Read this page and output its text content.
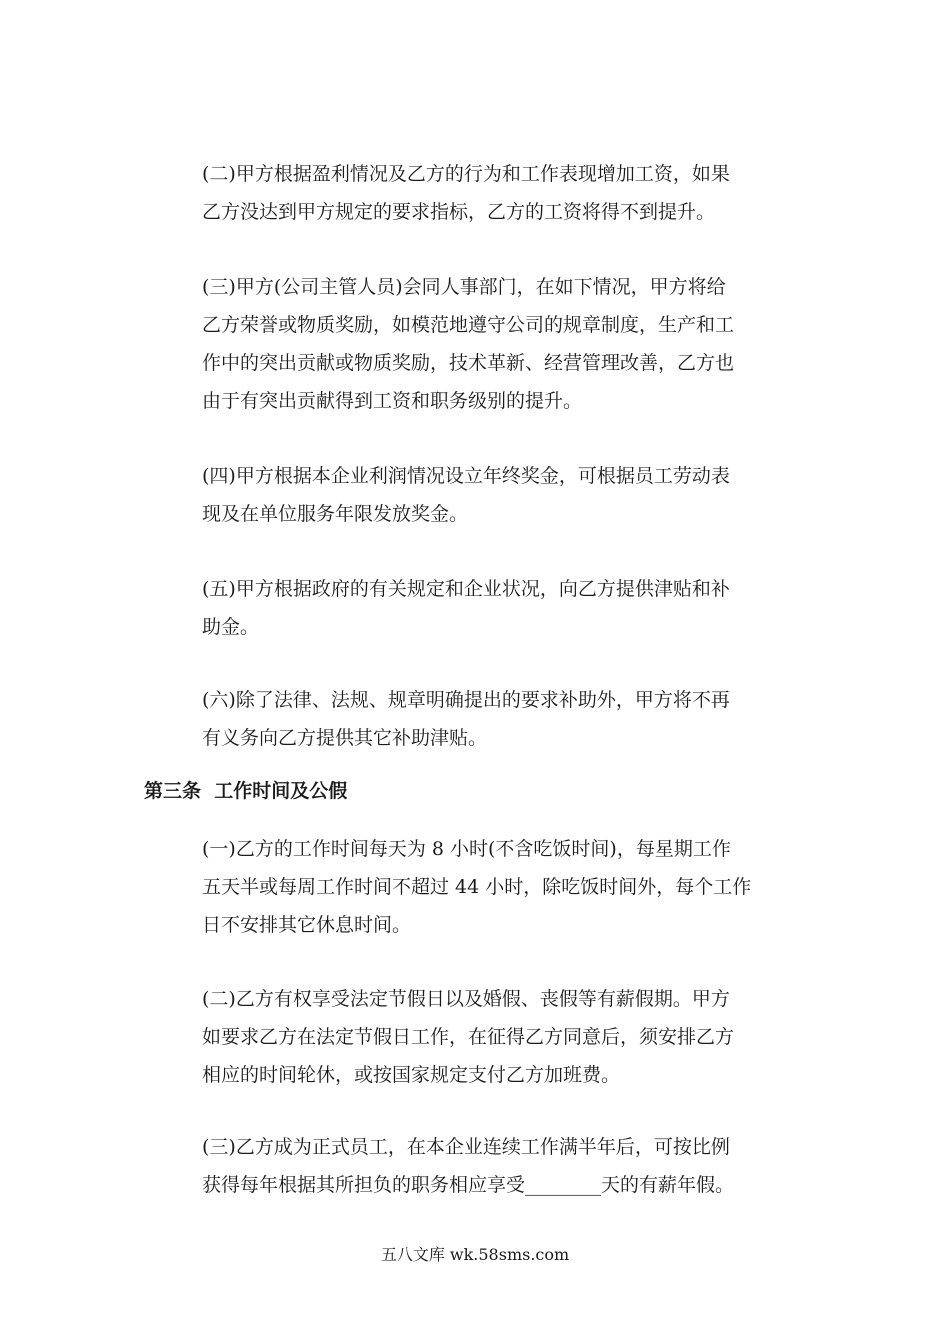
(二)甲方根据盈利情况及乙方的行为和工作表现增加工资，如果
乙方没达到甲方规定的要求指标，乙方的工资将得不到提升。

(三)甲方(公司主管人员)会同人事部门，在如下情况，甲方将给
乙方荣誉或物质奖励，如模范地遵守公司的规章制度，生产和工
作中的突出贡献或物质奖励，技术革新、经营管理改善，乙方也
由于有突出贡献得到工资和职务级别的提升。

(四)甲方根据本企业利润情况设立年终奖金，可根据员工劳动表
现及在单位服务年限发放奖金。

(五)甲方根据政府的有关规定和企业状况，向乙方提供津贴和补
助金。

(六)除了法律、法规、规章明确提出的要求补助外，甲方将不再
有义务向乙方提供其它补助津贴。

第三条  工作时间及公假

(一)乙方的工作时间每天为 8 小时(不含吃饭时间)，每星期工作
五天半或每周工作时间不超过 44 小时，除吃饭时间外，每个工作
日不安排其它休息时间。

(二)乙方有权享受法定节假日以及婚假、丧假等有薪假期。甲方
如要求乙方在法定节假日工作，在征得乙方同意后，须安排乙方
相应的时间轮休，或按国家规定支付乙方加班费。

(三)乙方成为正式员工，在本企业连续工作满半年后，可按比例
获得每年根据其所担负的职务相应享受________天的有薪年假。

五八文库 wk.58sms.com
